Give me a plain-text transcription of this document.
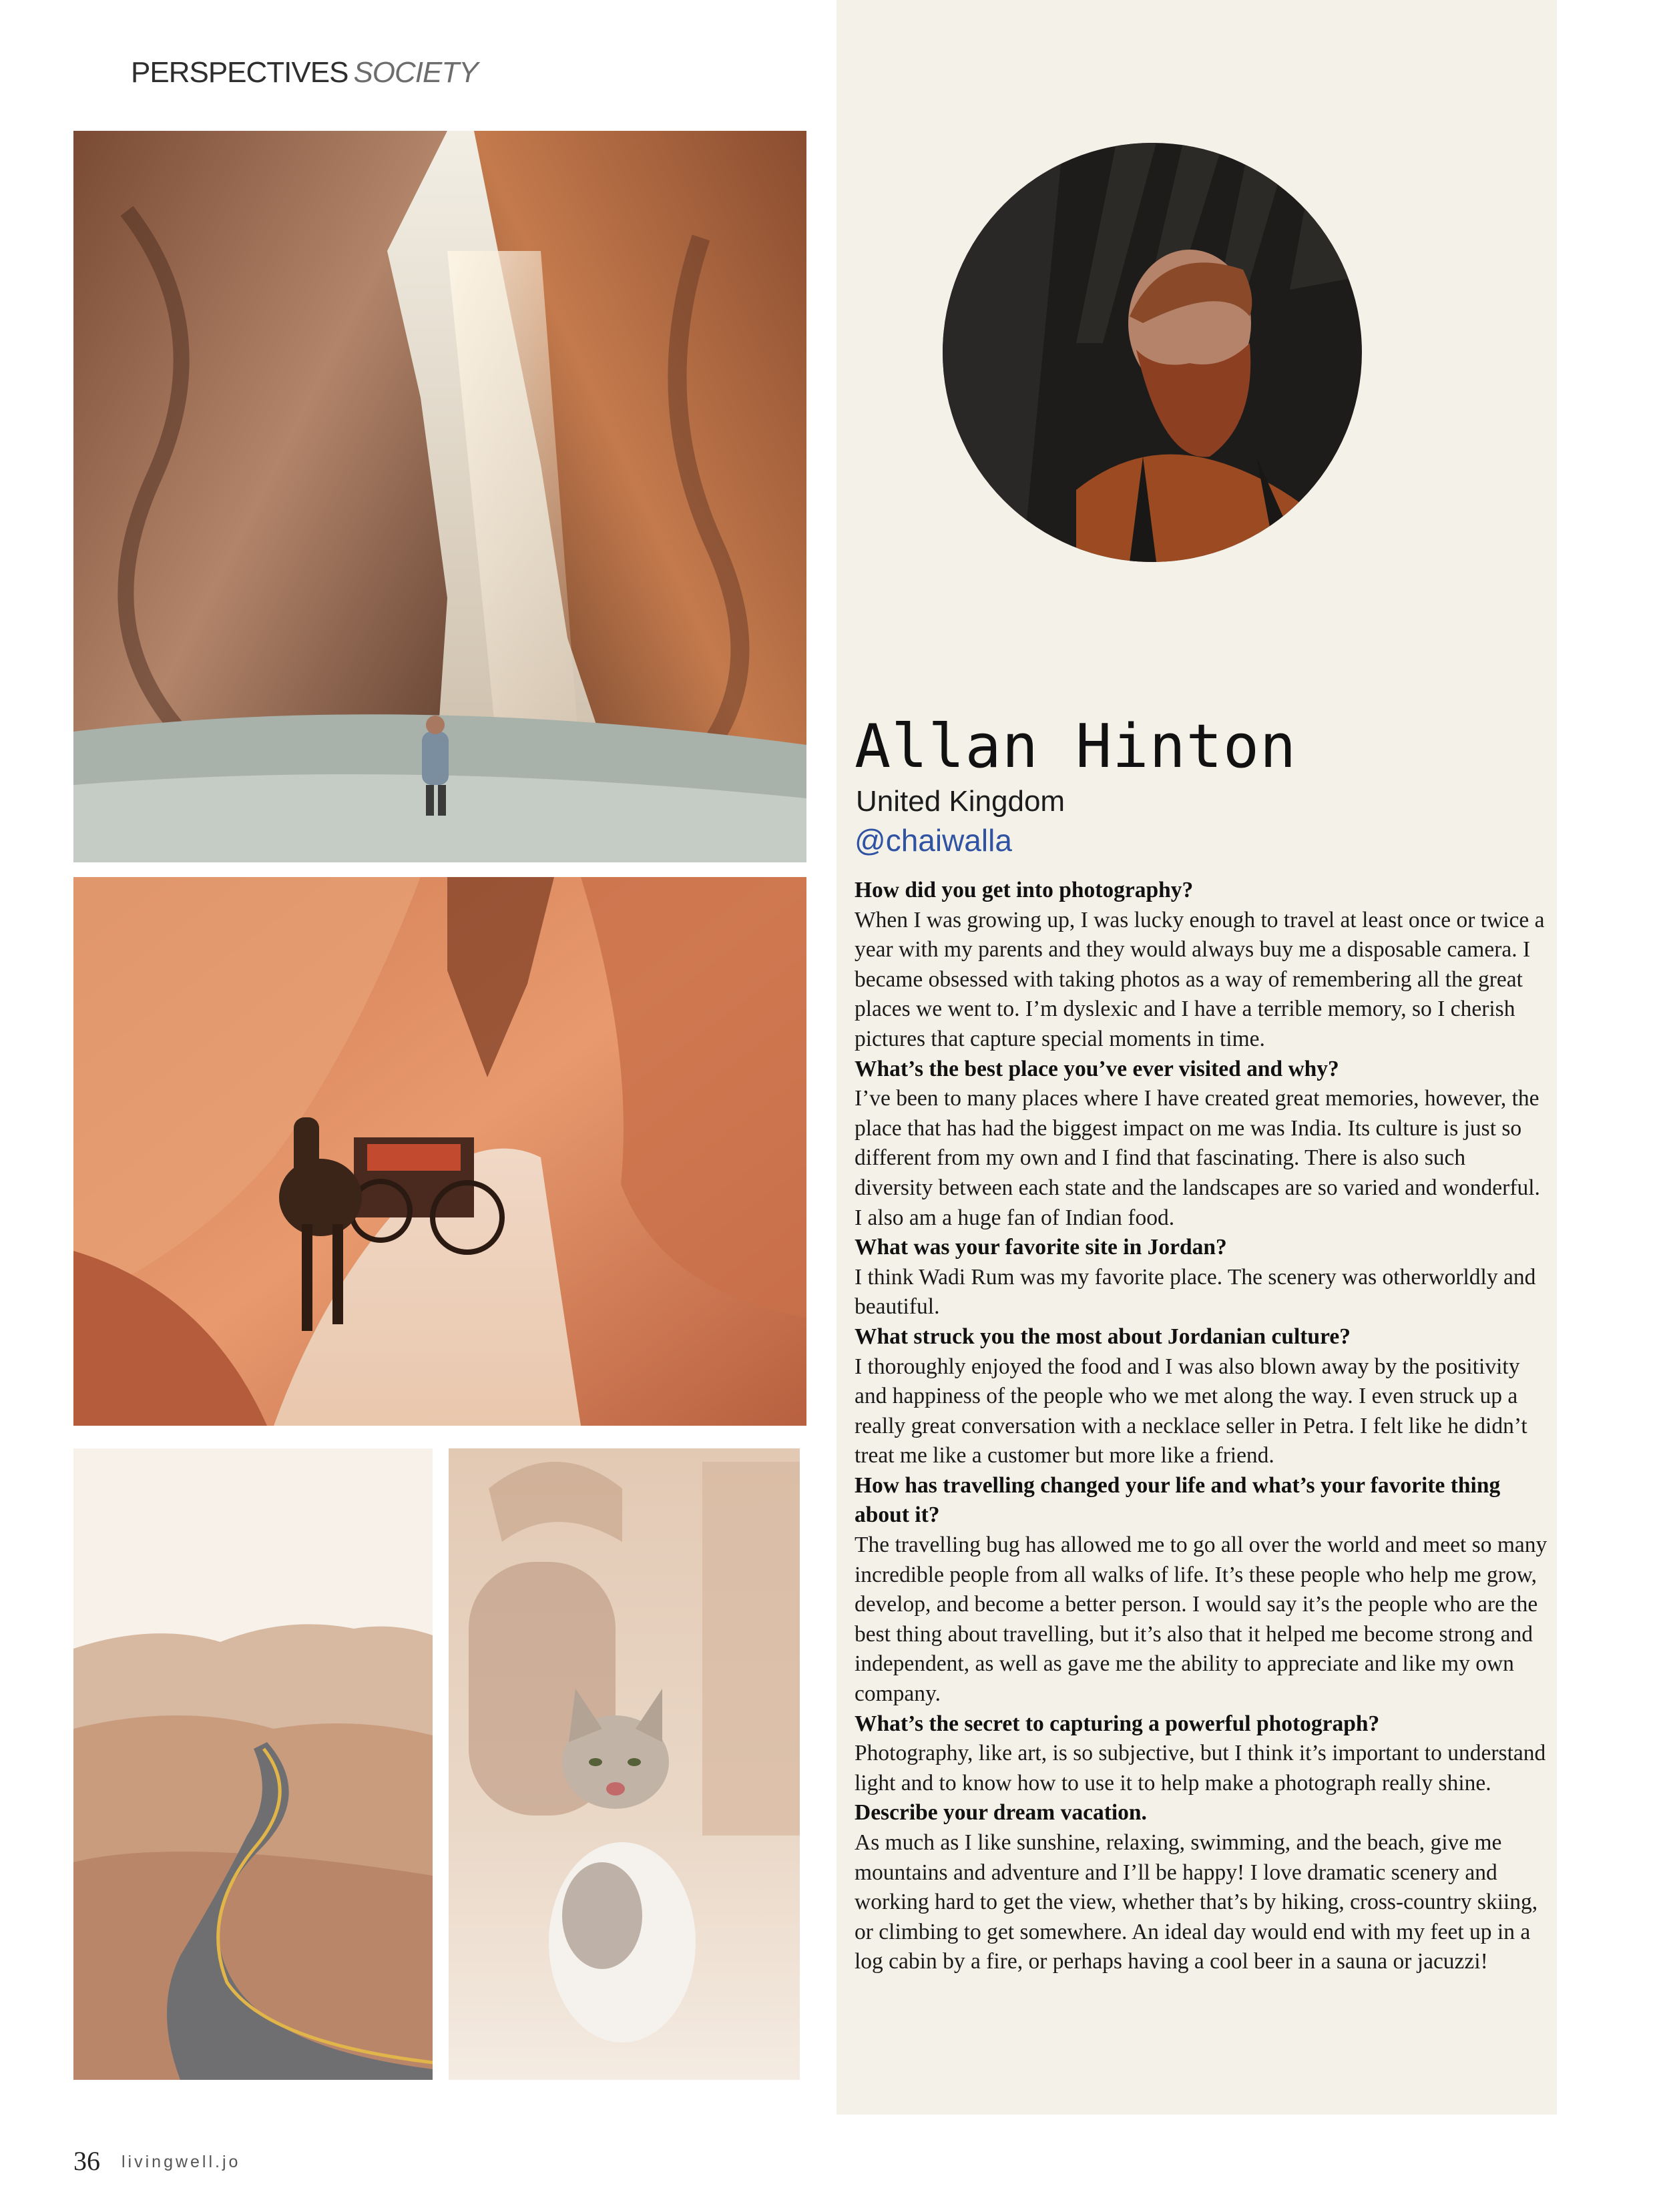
PERSPECTIVES SOCIETY
Allan Hinton
United Kingdom
@chaiwalla
How did you get into photography?
When I was growing up, I was lucky enough to travel at least once or twice a year with my parents and they would always buy me a disposable camera. I became obsessed with taking photos as a way of remembering all the great places we went to. I’m dyslexic and I have a terrible memory, so I cherish pictures that capture special moments in time.
What’s the best place you’ve ever visited and why?
I’ve been to many places where I have created great memories, however, the place that has had the biggest impact on me was India. Its culture is just so different from my own and I find that fascinating. There is also such diversity between each state and the landscapes are so varied and wonderful. I also am a huge fan of Indian food.
What was your favorite site in Jordan?
I think Wadi Rum was my favorite place. The scenery was otherworldly and beautiful.
What struck you the most about Jordanian culture?
I thoroughly enjoyed the food and I was also blown away by the positivity and happiness of the people who we met along the way. I even struck up a really great conversation with a necklace seller in Petra. I felt like he didn’t treat me like a customer but more like a friend.
How has travelling changed your life and what’s your favorite thing about it?
The travelling bug has allowed me to go all over the world and meet so many incredible people from all walks of life. It’s these people who help me grow, develop, and become a better person. I would say it’s the people who are the best thing about travelling, but it’s also that it helped me become strong and independent, as well as gave me the ability to appreciate and like my own company.
What’s the secret to capturing a powerful photograph?
Photography, like art, is so subjective, but I think it’s important to understand light and to know how to use it to help make a photograph really shine.
Describe your dream vacation.
As much as I like sunshine, relaxing, swimming, and the beach, give me mountains and adventure and I’ll be happy! I love dramatic scenery and working hard to get the view, whether that’s by hiking, cross-country skiing, or climbing to get somewhere. An ideal day would end with my feet up in a log cabin by a fire, or perhaps having a cool beer in a sauna or jacuzzi!
36 livingwell.jo
